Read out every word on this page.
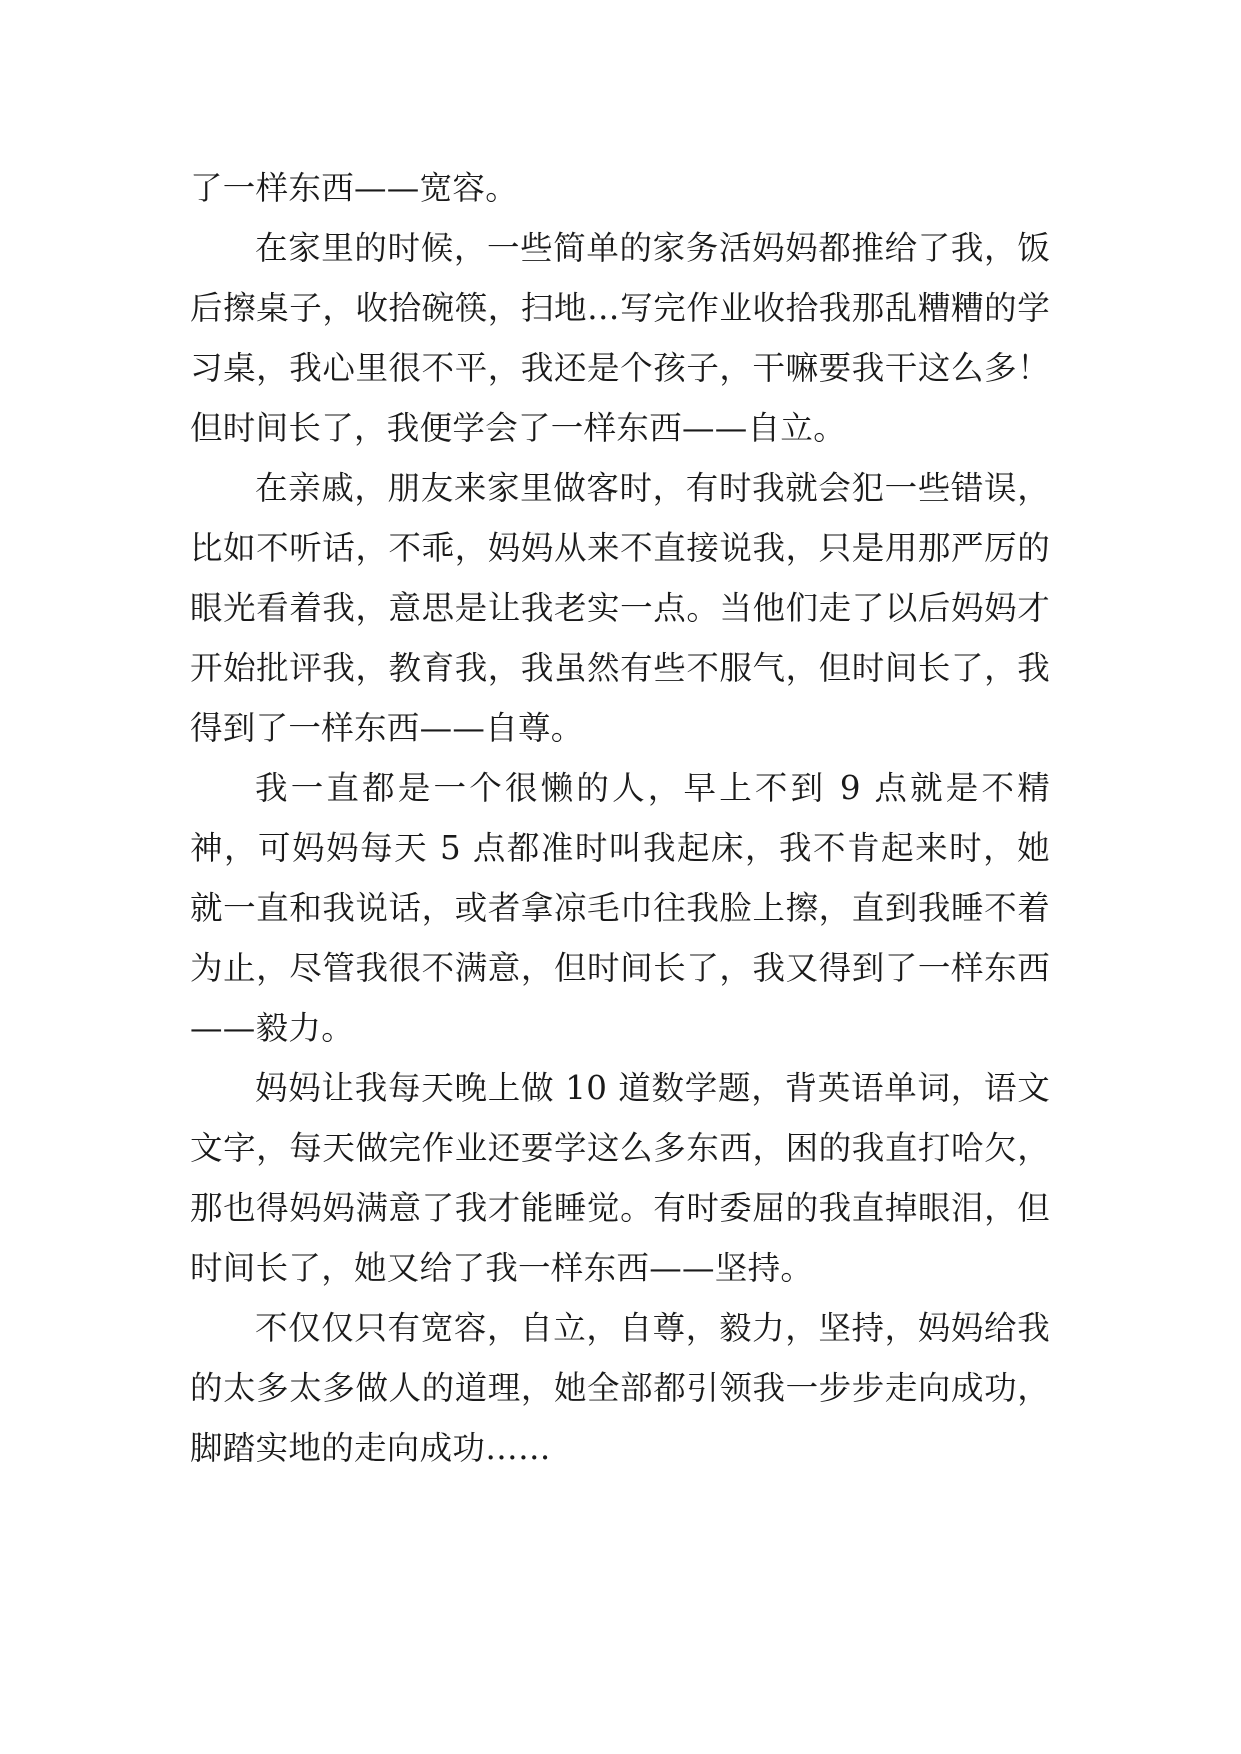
了一样东西——宽容。

在家里的时候，一些简单的家务活妈妈都推给了我，饭后擦桌子，收拾碗筷，扫地…写完作业收拾我那乱糟糟的学习桌，我心里很不平，我还是个孩子，干嘛要我干这么多！但时间长了，我便学会了一样东西——自立。

在亲戚，朋友来家里做客时，有时我就会犯一些错误，比如不听话，不乖，妈妈从来不直接说我，只是用那严厉的眼光看着我，意思是让我老实一点。当他们走了以后妈妈才开始批评我，教育我，我虽然有些不服气，但时间长了，我得到了一样东西——自尊。

我一直都是一个很懒的人，早上不到 9 点就是不精神，可妈妈每天 5 点都准时叫我起床，我不肯起来时，她就一直和我说话，或者拿凉毛巾往我脸上擦，直到我睡不着为止，尽管我很不满意，但时间长了，我又得到了一样东西——毅力。

妈妈让我每天晚上做 10 道数学题，背英语单词，语文文字，每天做完作业还要学这么多东西，困的我直打哈欠，那也得妈妈满意了我才能睡觉。有时委屈的我直掉眼泪，但时间长了，她又给了我一样东西——坚持。

不仅仅只有宽容，自立，自尊，毅力，坚持，妈妈给我的太多太多做人的道理，她全部都引领我一步步走向成功，脚踏实地的走向成功……
